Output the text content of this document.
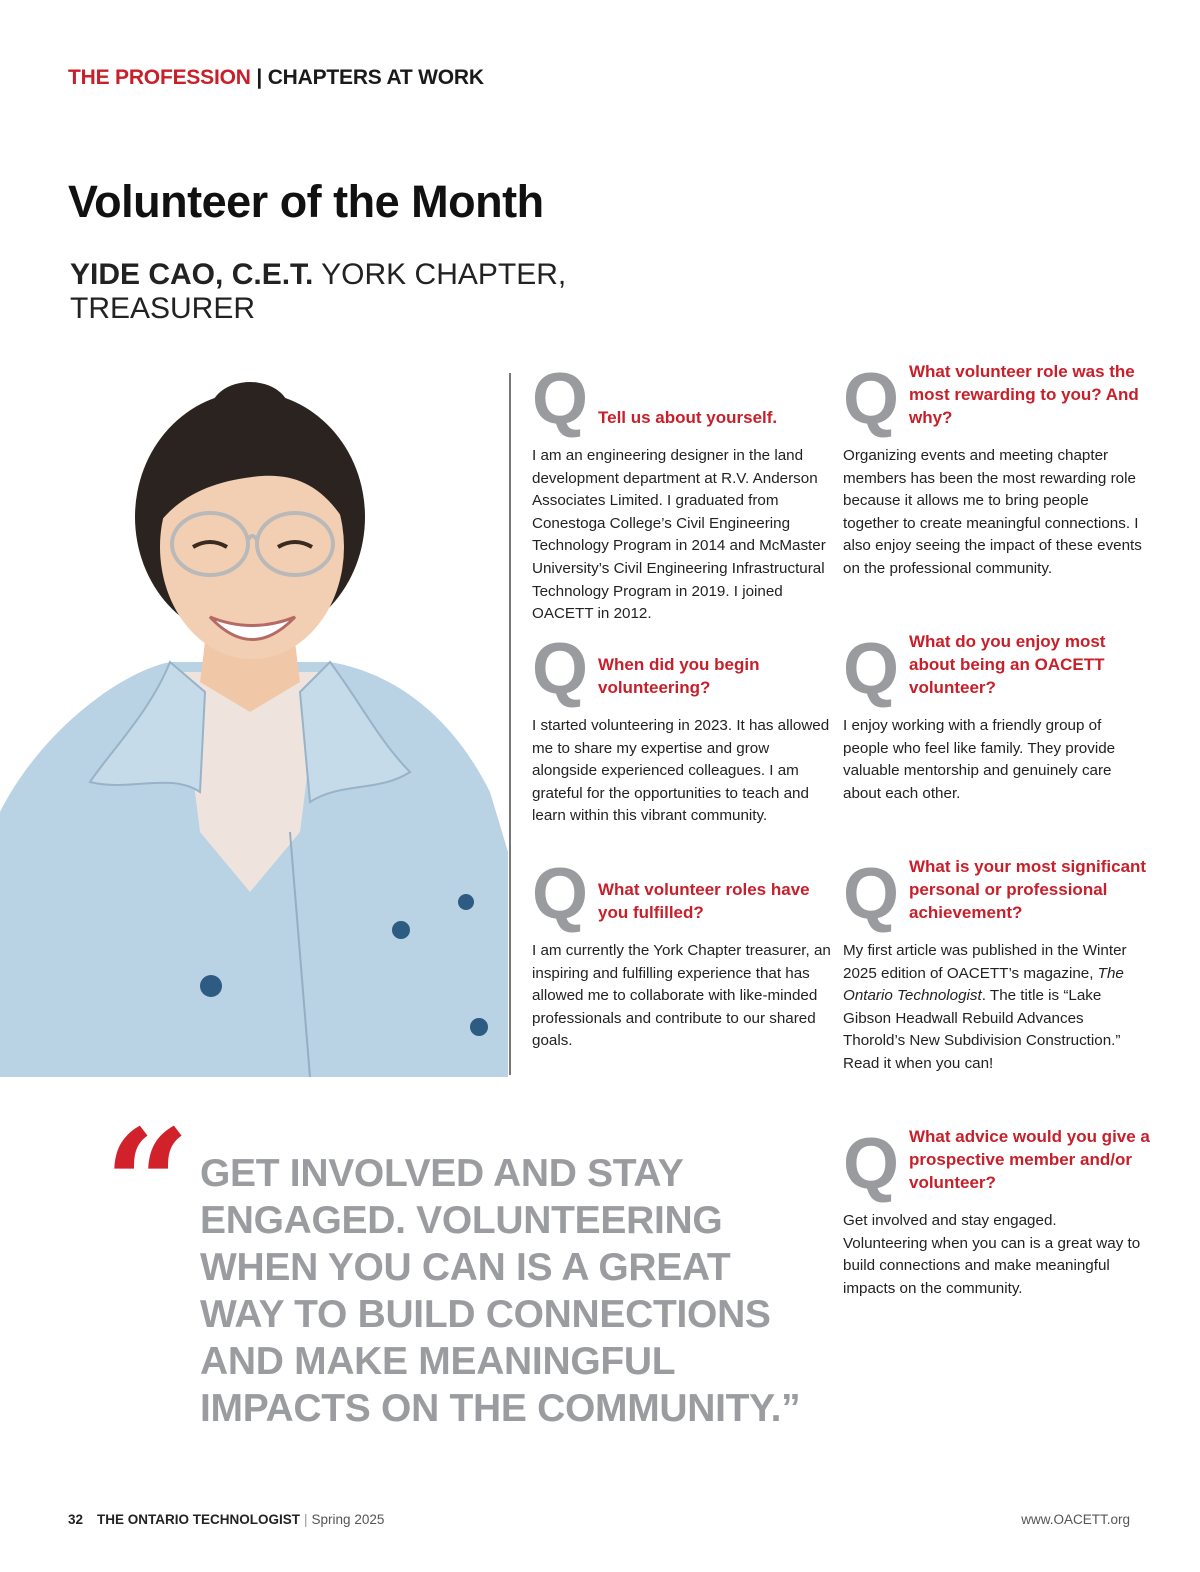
THE PROFESSION | CHAPTERS AT WORK
Volunteer of the Month
YIDE CAO, C.E.T. YORK CHAPTER, TREASURER
Q Tell us about yourself.

I am an engineering designer in the land development department at R.V. Anderson Associates Limited. I graduated from Conestoga College’s Civil Engineering Technology Program in 2014 and McMaster University’s Civil Engineering Infrastructural Technology Program in 2019. I joined OACETT in 2012.

Q When did you begin volunteering?

I started volunteering in 2023. It has allowed me to share my expertise and grow alongside experienced colleagues. I am grateful for the opportunities to teach and learn within this vibrant community.

Q What volunteer roles have you fulfilled?

I am currently the York Chapter treasurer, an inspiring and fulfilling experience that has allowed me to collaborate with like-minded professionals and contribute to our shared goals.

Q What volunteer role was the most rewarding to you? And why?

Organizing events and meeting chapter members has been the most rewarding role because it allows me to bring people together to create meaningful connections. I also enjoy seeing the impact of these events on the professional community.

Q What do you enjoy most about being an OACETT volunteer?

I enjoy working with a friendly group of people who feel like family. They provide valuable mentorship and genuinely care about each other.

Q What is your most significant personal or professional achievement?

My first article was published in the Winter 2025 edition of OACETT’s magazine, The Ontario Technologist. The title is “Lake Gibson Headwall Rebuild Advances Thorold’s New Subdivision Construction.” Read it when you can!

Q What advice would you give a prospective member and/or volunteer?

Get involved and stay engaged. Volunteering when you can is a great way to build connections and make meaningful impacts on the community.

“ GET INVOLVED AND STAY ENGAGED. VOLUNTEERING WHEN YOU CAN IS A GREAT WAY TO BUILD CONNECTIONS AND MAKE MEANINGFUL IMPACTS ON THE COMMUNITY.”
32 THE ONTARIO TECHNOLOGIST | Spring 2025	www.OACETT.org
